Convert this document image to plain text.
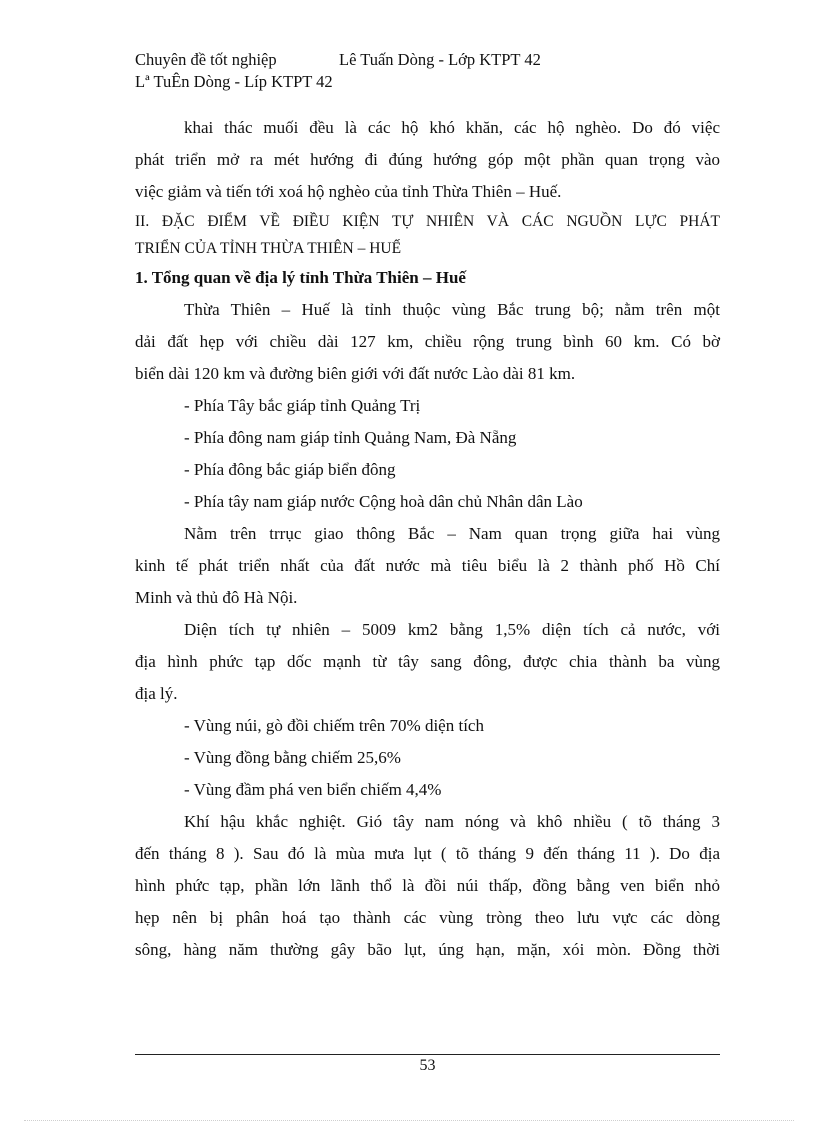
Chuyên đề tốt nghiệp	Lê Tuấn Dòng - Lớp KTPT 42
Lª TuÊn Dòng - Líp KTPT 42
khai thác muối đều là các hộ khó khăn, các hộ nghèo. Do đó việc
phát triển mở ra mét hướng đi đúng hướng góp một phần quan trọng vào
việc giảm và tiến tới xoá hộ nghèo của tỉnh Thừa Thiên – Huế.
II. ĐẶC ĐIỂM VỀ ĐIỀU KIỆN TỰ NHIÊN VÀ CÁC NGUỒN LỰC PHÁT
TRIỂN CỦA TỈNH THỪA THIÊN – HUẾ
1. Tổng quan về địa lý tỉnh Thừa Thiên – Huế
Thừa Thiên – Huế là tỉnh thuộc vùng Bắc trung bộ; nằm trên một
dải đất hẹp với chiều dài 127 km, chiều rộng trung bình 60 km. Có bờ
biển dài 120 km và đường biên giới với đất nước Lào dài 81 km.
- Phía Tây bắc giáp tỉnh Quảng Trị
- Phía đông nam giáp tỉnh Quảng Nam, Đà Nẵng
- Phía đông bắc giáp biển đông
- Phía tây nam giáp nước Cộng hoà dân chủ Nhân dân Lào
Nằm trên trrục giao thông Bắc – Nam quan trọng giữa hai vùng
kinh tế phát triển nhất của đất nước mà tiêu biểu là 2 thành phố Hồ Chí
Minh và thủ đô Hà Nội.
Diện tích tự nhiên – 5009 km2 bằng 1,5% diện tích cả nước, với
địa hình phức tạp dốc mạnh từ tây sang đông, được chia thành ba vùng
địa lý.
- Vùng núi, gò đồi chiếm trên 70% diện tích
- Vùng đồng bằng chiếm 25,6%
- Vùng đầm phá ven biển chiếm 4,4%
Khí hậu khắc nghiệt. Gió tây nam nóng và khô nhiều ( tõ tháng 3
đến tháng 8 ). Sau đó là mùa mưa lụt ( tõ tháng 9 đến tháng 11 ). Do địa
hình phức tạp, phần lớn lãnh thổ là đồi núi thấp, đồng bằng ven biển nhỏ
hẹp nên bị phân hoá tạo thành các vùng tròng theo lưu vực các dòng
sông, hàng năm thường gây bão lụt, úng hạn, mặn, xói mòn. Đồng thời
53
